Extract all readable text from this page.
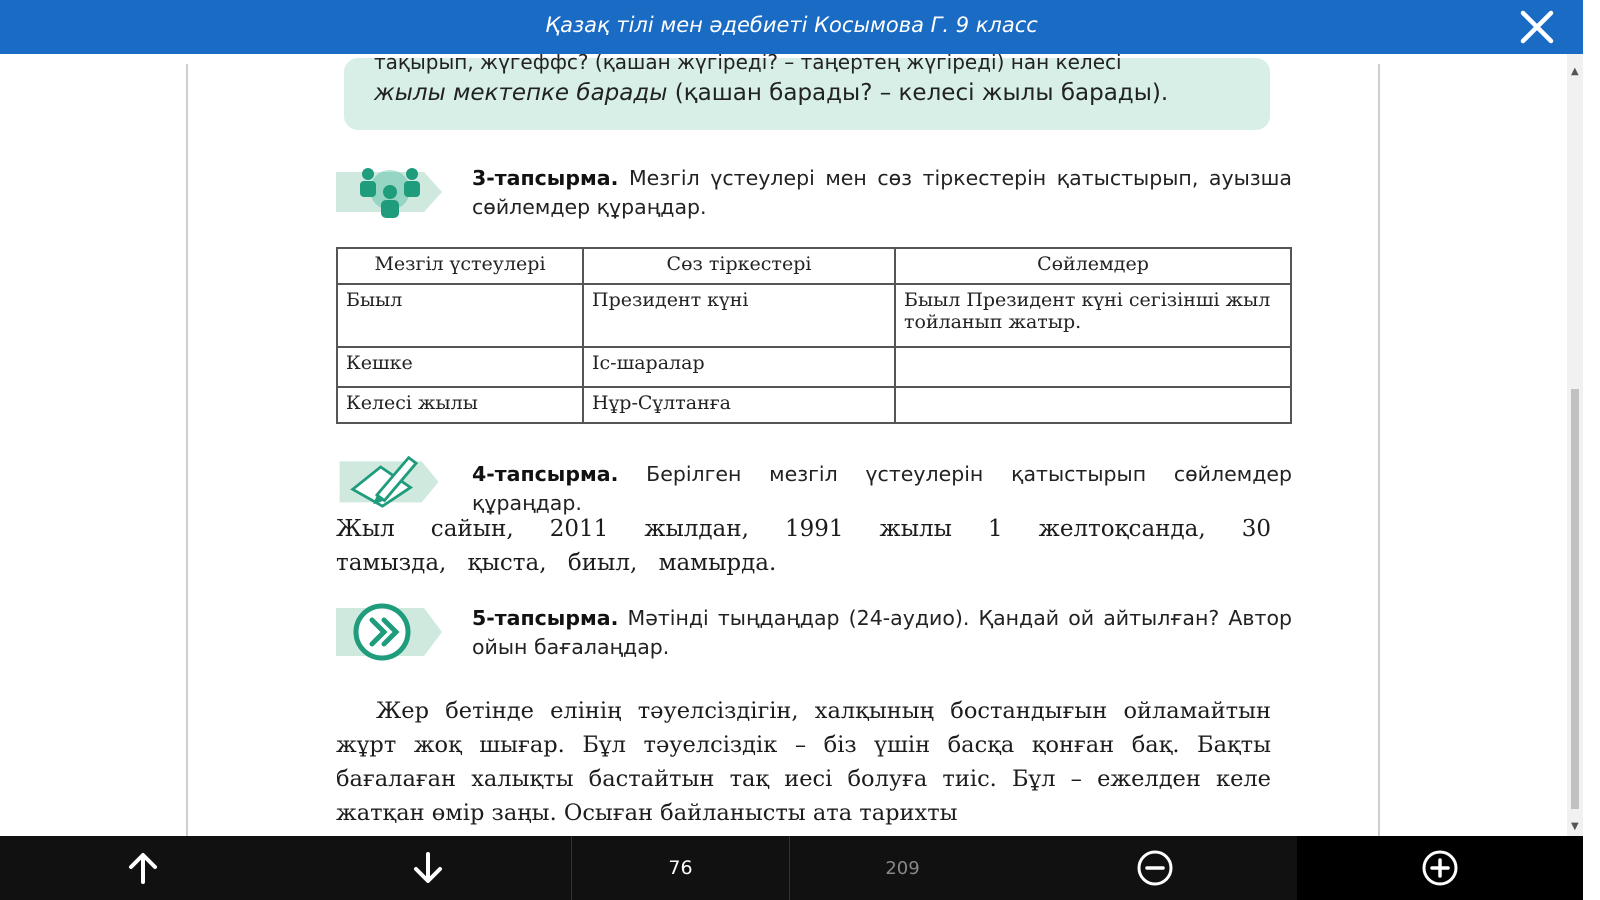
Қазақ тілі мен әдебиеті Косымова Г. 9 класс
тақырып, жүгеффс? (қашан жүгіреді? – таңертең жүгіреді) нан келесі
жылы мектепке барады (қашан барады? – келесі жылы барады).
3-тапсырма. Мезгіл үстеулері мен сөз тіркестерін қатыстырып, ауызша сөйлемдер құраңдар.
Мезгіл үстеулері	Сөз тіркестері	Сөйлемдер
Быыл	Президент күні	Быыл Президент күні сегізінші жыл тойланып жатыр.
Кешке	Іс-шаралар	
Келесі жылы	Нұр-Сұлтанға	
4-тапсырма. Берілген мезгіл үстеулерін қатыстырып сөйлемдер құраңдар.
Жыл сайын, 2011 жылдан, 1991 жылы 1 желтоқсанда, 30 тамызда, қыста, биыл, мамырда.
5-тапсырма. Мәтінді тыңдаңдар (24-аудио). Қандай ой айтылған? Автор ойын бағалаңдар.
Жер бетінде елінің тәуелсіздігін, халқының бостандығын ойламайтын жұрт жоқ шығар. Бұл тәуелсіздік – біз үшін басқа қонған бақ. Бақты бағалаған халықты бастайтын тақ иесі болуға тиіс. Бұл – ежелден келе жатқан өмір заңы. Осыған байланысты ата тарихты
▲
▼
76	209
